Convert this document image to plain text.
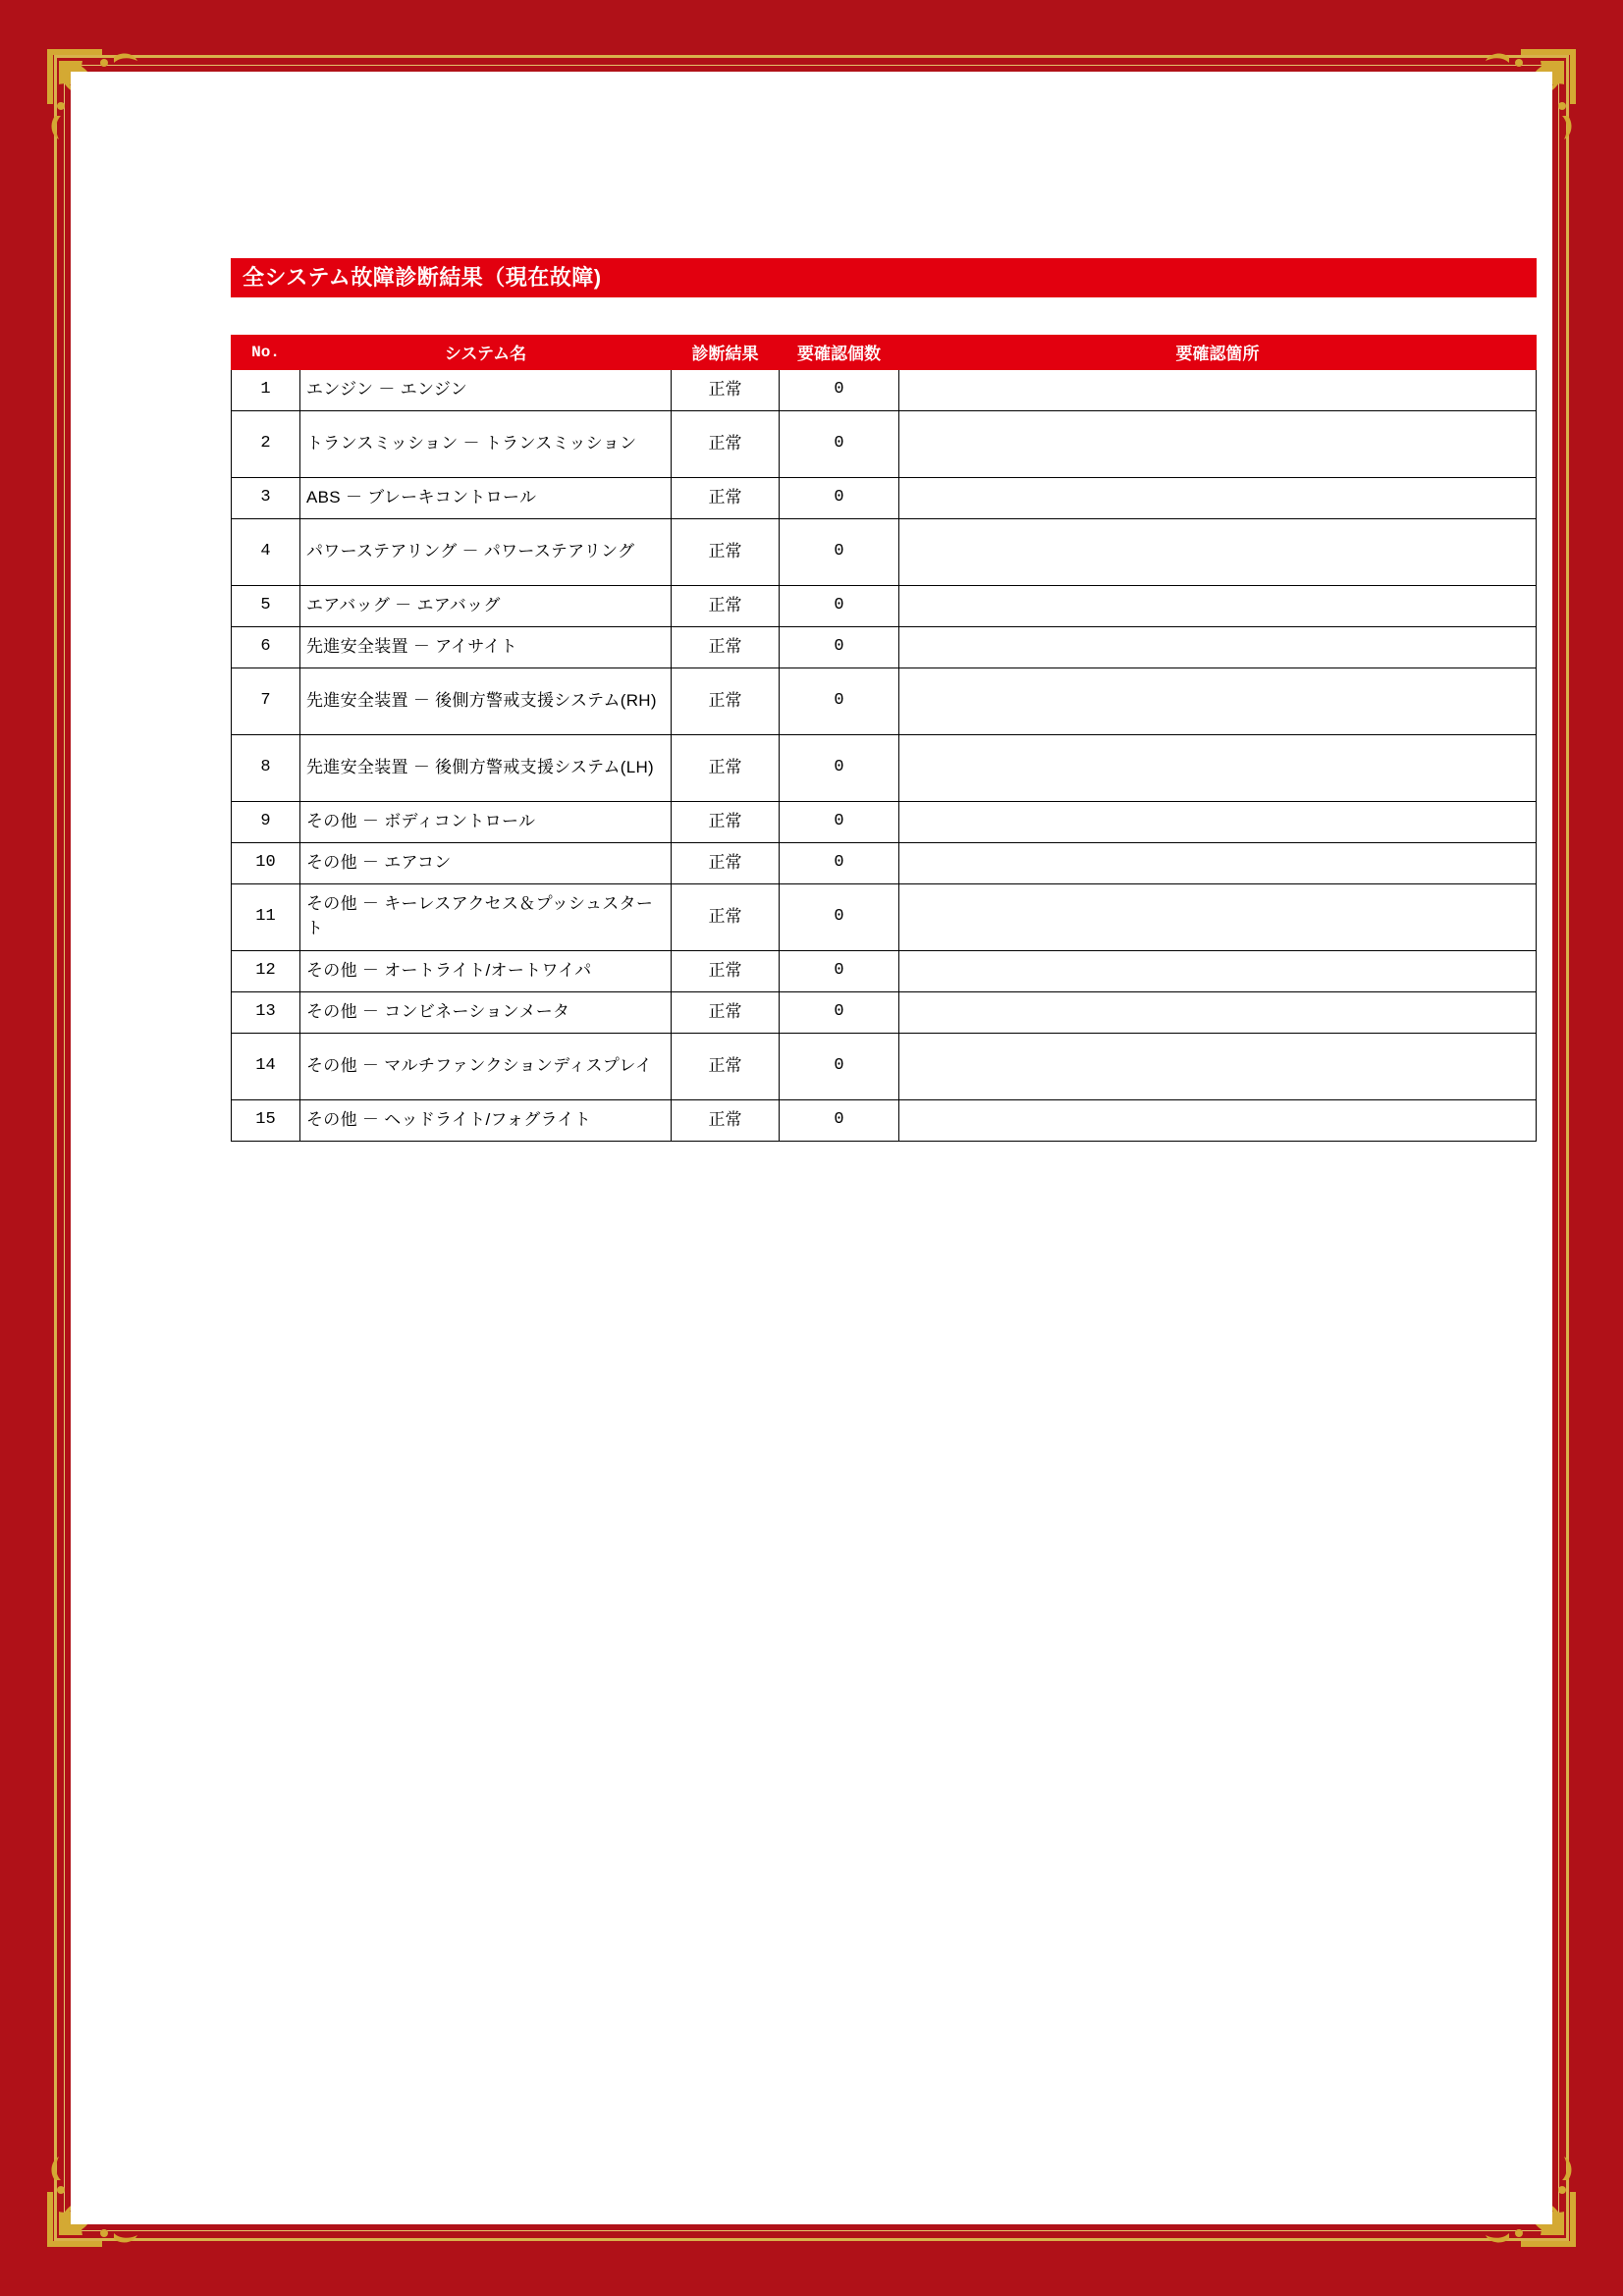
全システム故障診断結果（現在故障)
No.	システム名	診断結果	要確認個数	要確認箇所
1	エンジン － エンジン	正常	0	
2	トランスミッション － トランスミッション	正常	0	
3	ABS － ブレーキコントロール	正常	0	
4	パワーステアリング － パワーステアリング	正常	0	
5	エアバッグ － エアバッグ	正常	0	
6	先進安全装置 － アイサイト	正常	0	
7	先進安全装置 － 後側方警戒支援システム(RH)	正常	0	
8	先進安全装置 － 後側方警戒支援システム(LH)	正常	0	
9	その他 － ボディコントロール	正常	0	
10	その他 － エアコン	正常	0	
11	その他 － キーレスアクセス＆プッシュスタート	正常	0	
12	その他 － オートライト/オートワイパ	正常	0	
13	その他 － コンビネーションメータ	正常	0	
14	その他 － マルチファンクションディスプレイ	正常	0	
15	その他 － ヘッドライト/フォグライト	正常	0	
